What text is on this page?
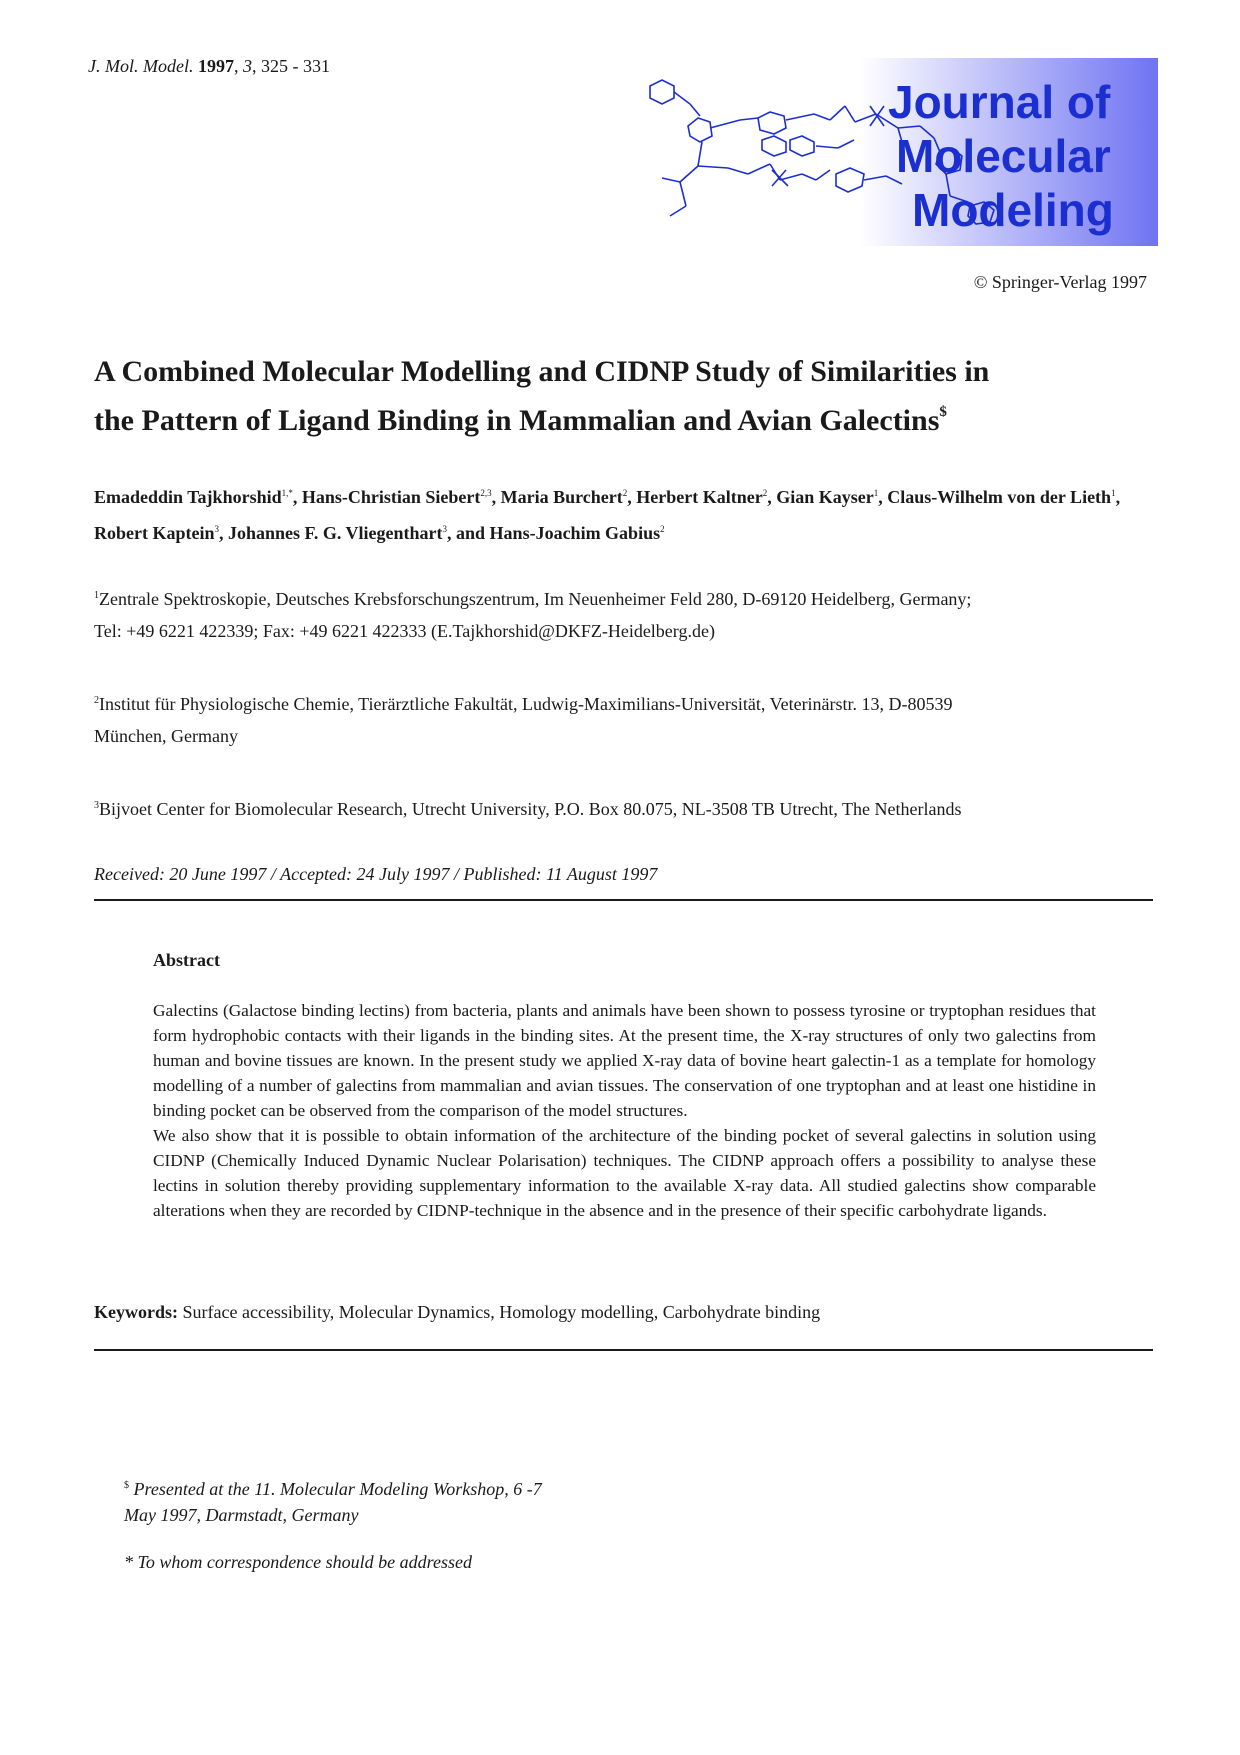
J. Mol. Model. 1997, 3, 325 - 331
Journal of
Molecular
Modeling
© Springer-Verlag 1997
A Combined Molecular Modelling and CIDNP Study of Similarities in
the Pattern of Ligand Binding in Mammalian and Avian Galectins$
Emadeddin Tajkhorshid$^{1,*}$, Hans-Christian Siebert$^{2,3}$, Maria Burchert$^2$, Herbert Kaltner$^2$, Gian Kayser$^1$, Claus-Wilhelm von der Lieth$^1$, Robert Kaptein$^3$, Johannes F. G. Vliegenthart$^3$, and Hans-Joachim Gabius$^2$
$^1$Zentrale Spektroskopie, Deutsches Krebsforschungszentrum, Im Neuenheimer Feld 280, D-69120 Heidelberg, Germany;
Tel: +49 6221 422339; Fax: +49 6221 422333 (E.Tajkhorshid@DKFZ-Heidelberg.de)
$^2$Institut für Physiologische Chemie, Tierärztliche Fakultät, Ludwig-Maximilians-Universität, Veterinärstr. 13, D-80539
München, Germany
$^3$Bijvoet Center for Biomolecular Research, Utrecht University, P.O. Box 80.075, NL-3508 TB Utrecht, The Netherlands
Received: 20 June 1997 / Accepted: 24 July 1997 / Published: 11 August 1997
Abstract

Galectins (Galactose binding lectins) from bacteria, plants and animals have been shown to possess tyrosine or tryptophan residues that form hydrophobic contacts with their ligands in the binding sites. At the present time, the X-ray structures of only two galectins from human and bovine tissues are known. In the present study we applied X-ray data of bovine heart galectin-1 as a template for homology modelling of a number of galectins from mammalian and avian tissues. The conservation of one tryptophan and at least one histidine in binding pocket can be observed from the comparison of the model structures.

We also show that it is possible to obtain information of the architecture of the binding pocket of several galectins in solution using CIDNP (Chemically Induced Dynamic Nuclear Polarisation) techniques. The CIDNP approach offers a possibility to analyse these lectins in solution thereby providing supplementary information to the available X-ray data. All studied galectins show comparable alterations when they are recorded by CIDNP-technique in the absence and in the presence of their specific carbohydrate ligands.

Keywords: Surface accessibility, Molecular Dynamics, Homology modelling, Carbohydrate binding
$ Presented at the 11. Molecular Modeling Workshop, 6 -7
May 1997, Darmstadt, Germany
* To whom correspondence should be addressed
